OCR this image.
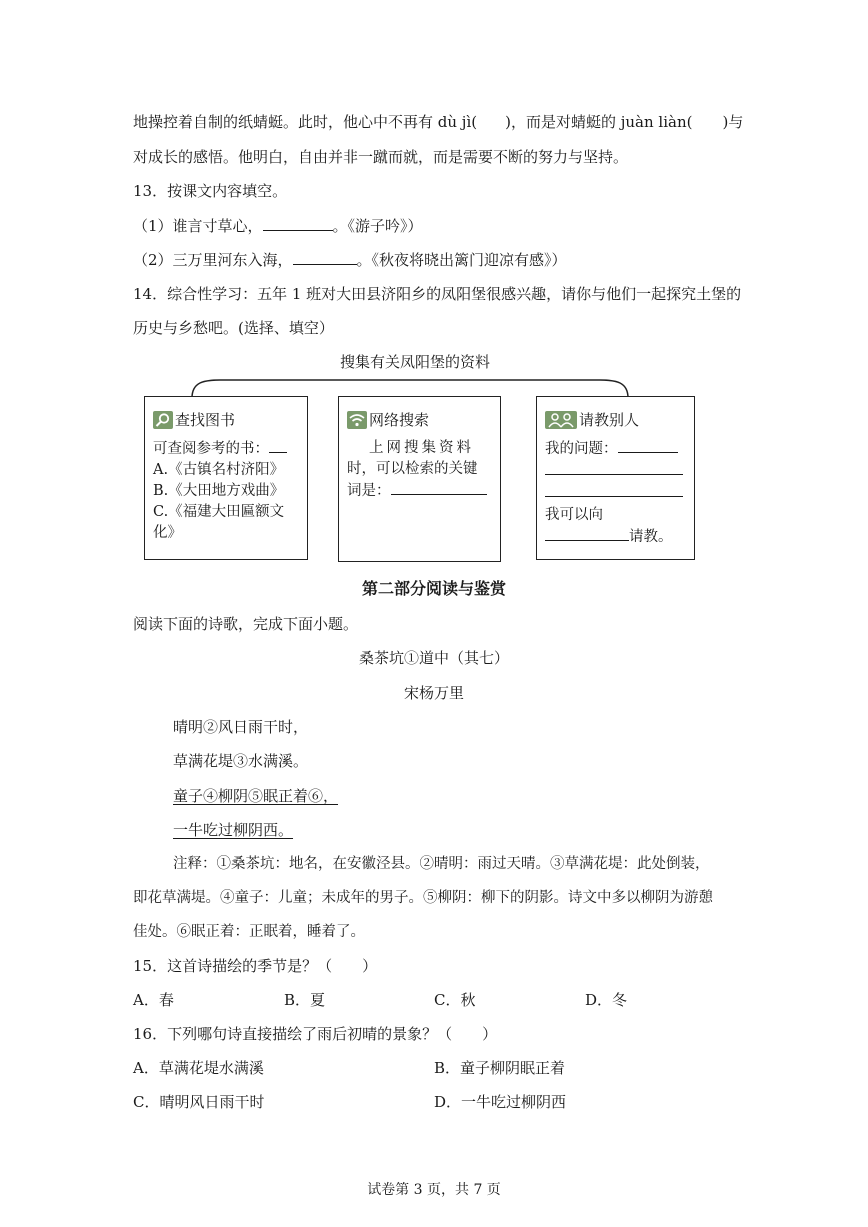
地操控着自制的纸蜻蜓。此时，他心中不再有 dù jì( )，而是对蜻蜓的 juàn liàn( )与
对成长的感悟。他明白，自由并非一蹴而就，而是需要不断的努力与坚持。
13．按课文内容填空。
（1）谁言寸草心，	。《游子吟》）
（2）三万里河东入海，	。《秋夜将晓出篱门迎凉有感》）
14．综合性学习：五年 1 班对大田县济阳乡的凤阳堡很感兴趣，请你与他们一起探究土堡的
历史与乡愁吧。(选择、填空）
搜集有关凤阳堡的资料
查找图书
可查阅参考的书：
A.《古镇名村济阳》
B.《大田地方戏曲》
C.《福建大田匾额文
化》
网络搜索
上网搜集资料
时，可以检索的关键
词是：
请教别人
我的问题：
我可以向
请教。
第二部分阅读与鉴赏
阅读下面的诗歌，完成下面小题。
桑茶坑①道中（其七）
宋杨万里
晴明②风日雨干时，
草满花堤③水满溪。
童子④柳阴⑤眠正着⑥，
一牛吃过柳阴西。
注释：①桑茶坑：地名，在安徽泾县。②晴明：雨过天晴。③草满花堤：此处倒装，
即花草满堤。④童子：儿童；未成年的男子。⑤柳阴：柳下的阴影。诗文中多以柳阴为游憩
佳处。⑥眠正着：正眠着，睡着了。
15．这首诗描绘的季节是？（　　）
A．春	B．夏	C．秋	D．冬
16．下列哪句诗直接描绘了雨后初晴的景象？（　　）
A．草满花堤水满溪	B．童子柳阴眠正着
C．晴明风日雨干时	D．一牛吃过柳阴西
试卷第 3 页，共 7 页
